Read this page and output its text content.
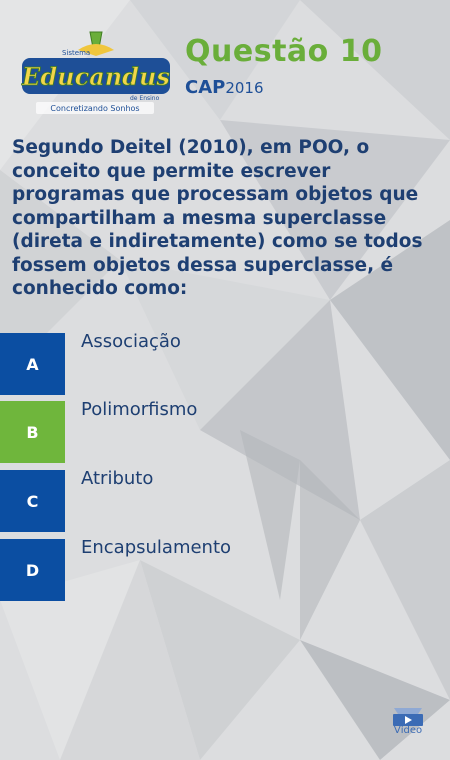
Sistema
Educandus
de Ensino
Concretizando Sonhos
Questão 10
CAP2016

Segundo Deitel (2010), em POO, o conceito que permite escrever programas que processam objetos que compartilham a mesma superclasse (direta e indiretamente) como se todos fossem objetos dessa superclasse, é conhecido como:

A
Associação
B
Polimorfismo
C
Atributo
D
Encapsulamento
Vídeo
